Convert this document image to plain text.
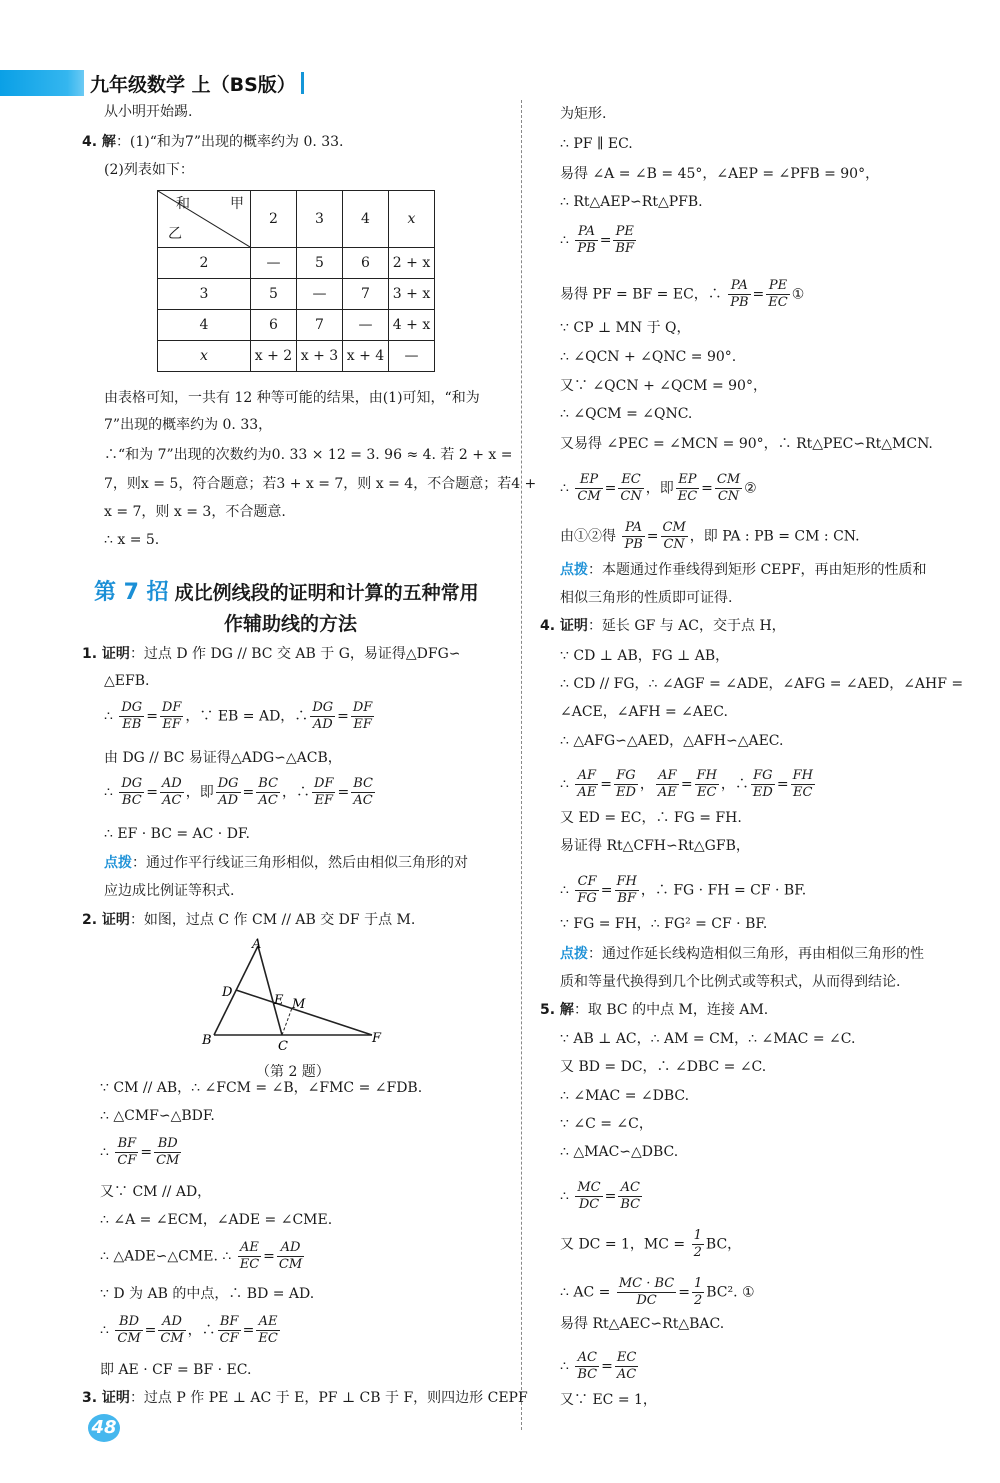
九年级数学 上（BS版）
从小明开始踢.
4. 解：(1)“和为7”出现的概率约为 0. 33.
(2)列表如下：
和 甲
乙	2	3	4	x
2	—	5	6	2 + x
3	5	—	7	3 + x
4	6	7	—	4 + x
x	x + 2	x + 3	x + 4	—
由表格可知，一共有 12 种等可能的结果，由(1)可知，“和为
7”出现的概率约为 0. 33，
∴“和为 7”出现的次数约为0. 33 × 12 = 3. 96 ≈ 4. 若 2 + x =
7，则x = 5，符合题意；若3 + x = 7，则 x = 4，不合题意；若4 +
x = 7，则 x = 3，不合题意.
∴ x = 5.
第 7 招 成比例线段的证明和计算的五种常用
作辅助线的方法
1. 证明：过点 D 作 DG // BC 交 AB 于 G，易证得△DFG∽
△EFB.
∴ $\frac{DG}{EB} = \frac{DF}{EF}$ ，∵ EB = AD，∴ $\frac{DG}{AD} = \frac{DF}{EF}$
由 DG // BC 易证得△ADG∽△ACB，
∴ $\frac{DG}{BC} = \frac{AD}{AC}$ ，即 $\frac{DG}{AD} = \frac{BC}{AC}$ ，∴ $\frac{DF}{EF} = \frac{BC}{AC}$
∴ EF · BC = AC · DF.
点拨：通过作平行线证三角形相似，然后由相似三角形的对
应边成比例证等积式.
2. 证明：如图，过点 C 作 CM // AB 交 DF 于点 M.
A
D
E M
B	C
F
（第 2 题）
∵ CM // AB，∴ ∠FCM = ∠B，∠FMC = ∠FDB.
∴ △CMF∽△BDF.
∴ $\frac{BF}{CF} = \frac{BD}{CM}$
又∵ CM // AD，
∴ ∠A = ∠ECM，∠ADE = ∠CME.
∴ △ADE∽△CME. ∴ $\frac{AE}{EC} = \frac{AD}{CM}$
∵ D 为 AB 的中点，∴ BD = AD.
∴ $\frac{BD}{CM} = \frac{AD}{CM}$ ，∴ $\frac{BF}{CF} = \frac{AE}{EC}$
即 AE · CF = BF · EC.
3. 证明：过点 P 作 PE ⊥ AC 于 E，PF ⊥ CB 于 F，则四边形 CEPF
为矩形.
∴ PF ∥ EC.
易得 ∠A = ∠B = 45°，∠AEP = ∠PFB = 90°，
∴ Rt△AEP∽Rt△PFB.
∴ $\frac{PA}{PB} = \frac{PE}{BF}$
易得 PF = BF = EC，∴ $\frac{PA}{PB} = \frac{PE}{EC}$ ①
∵ CP ⊥ MN 于 Q，
∴ ∠QCN + ∠QNC = 90°.
又∵ ∠QCN + ∠QCM = 90°，
∴ ∠QCM = ∠QNC.
又易得 ∠PEC = ∠MCN = 90°，∴ Rt△PEC∽Rt△MCN.
∴ $\frac{EP}{CM} = \frac{EC}{CN}$ ，即 $\frac{EP}{EC} = \frac{CM}{CN}$ ②
由①②得 $\frac{PA}{PB} = \frac{CM}{CN}$ ，即 PA : PB = CM : CN.
点拨：本题通过作垂线得到矩形 CEPF，再由矩形的性质和
相似三角形的性质即可证得.
4. 证明：延长 GF 与 AC，交于点 H，
∵ CD ⊥ AB，FG ⊥ AB，
∴ CD // FG，∴ ∠AGF = ∠ADE，∠AFG = ∠AED，∠AHF =
∠ACE，∠AFH = ∠AEC.
∴ △AFG∽△AED，△AFH∽△AEC.
∴ $\frac{AF}{AE} = \frac{FG}{ED}$ ， $\frac{AF}{AE} = \frac{FH}{EC}$ ，∴ $\frac{FG}{ED} = \frac{FH}{EC}$
又 ED = EC，∴ FG = FH.
易证得 Rt△CFH∽Rt△GFB，
∴ $\frac{CF}{FG} = \frac{FH}{BF}$ ，∴ FG · FH = CF · BF.
∵ FG = FH，∴ FG² = CF · BF.
点拨：通过作延长线构造相似三角形，再由相似三角形的性
质和等量代换得到几个比例式或等积式，从而得到结论.
5. 解：取 BC 的中点 M，连接 AM.
∵ AB ⊥ AC，∴ AM = CM，∴ ∠MAC = ∠C.
又 BD = DC，∴ ∠DBC = ∠C.
∴ ∠MAC = ∠DBC.
∵ ∠C = ∠C，
∴ △MAC∽△DBC.
∴ $\frac{MC}{DC} = \frac{AC}{BC}$
又 DC = 1，MC = $\frac{1}{2}$ BC，
∴ AC = $\frac{MC \cdot BC}{DC} = \frac{1}{2} BC^2$. ①
易得 Rt△AEC∽Rt△BAC.
∴ $\frac{AC}{BC} = \frac{EC}{AC}$
又∵ EC = 1，
48
